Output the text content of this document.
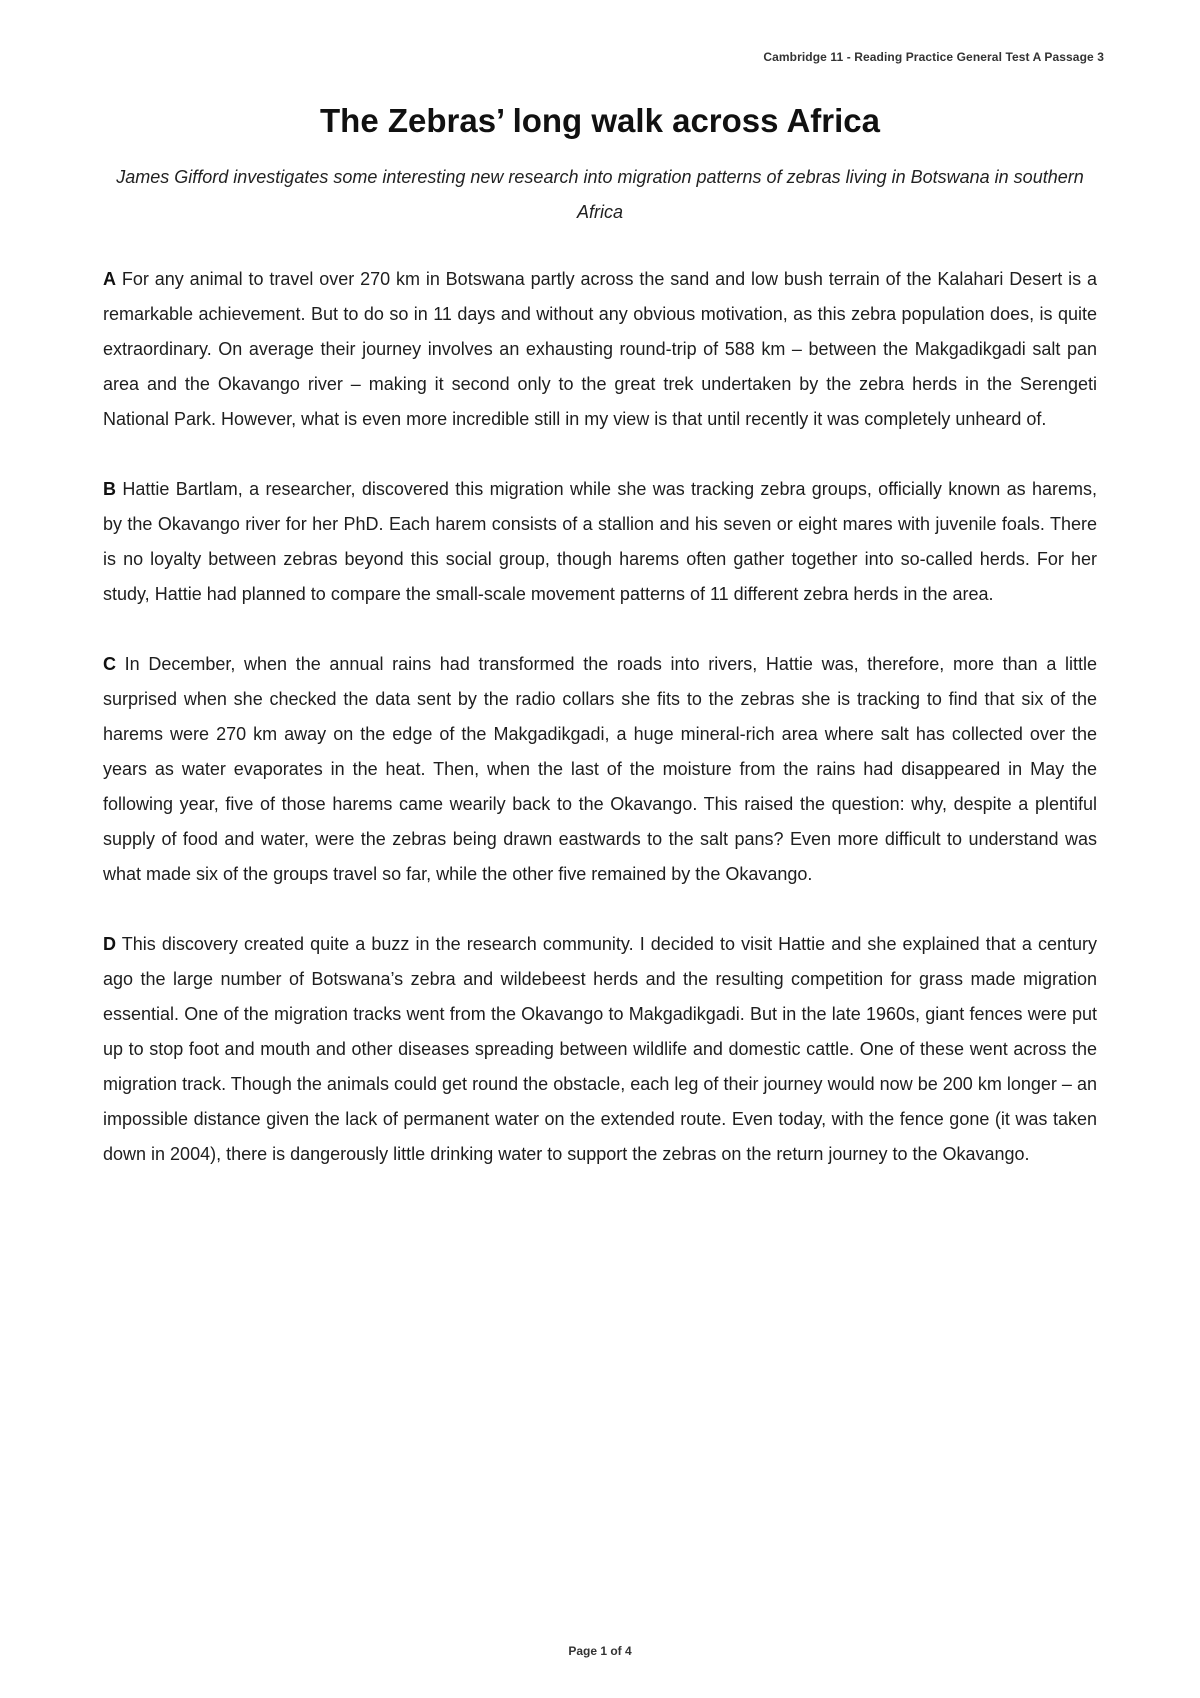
Cambridge 11 - Reading Practice General Test A Passage 3
The Zebras’ long walk across Africa

James Gifford investigates some interesting new research into migration patterns of zebras living in Botswana in southern Africa

A For any animal to travel over 270 km in Botswana partly across the sand and low bush terrain of the Kalahari Desert is a remarkable achievement. But to do so in 11 days and without any obvious motivation, as this zebra population does, is quite extraordinary. On average their journey involves an exhausting round-trip of 588 km – between the Makgadikgadi salt pan area and the Okavango river – making it second only to the great trek undertaken by the zebra herds in the Serengeti National Park. However, what is even more incredible still in my view is that until recently it was completely unheard of.

B Hattie Bartlam, a researcher, discovered this migration while she was tracking zebra groups, officially known as harems, by the Okavango river for her PhD. Each harem consists of a stallion and his seven or eight mares with juvenile foals. There is no loyalty between zebras beyond this social group, though harems often gather together into so-called herds. For her study, Hattie had planned to compare the small-scale movement patterns of 11 different zebra herds in the area.

C In December, when the annual rains had transformed the roads into rivers, Hattie was, therefore, more than a little surprised when she checked the data sent by the radio collars she fits to the zebras she is tracking to find that six of the harems were 270 km away on the edge of the Makgadikgadi, a huge mineral-rich area where salt has collected over the years as water evaporates in the heat. Then, when the last of the moisture from the rains had disappeared in May the following year, five of those harems came wearily back to the Okavango. This raised the question: why, despite a plentiful supply of food and water, were the zebras being drawn eastwards to the salt pans? Even more difficult to understand was what made six of the groups travel so far, while the other five remained by the Okavango.

D This discovery created quite a buzz in the research community. I decided to visit Hattie and she explained that a century ago the large number of Botswana’s zebra and wildebeest herds and the resulting competition for grass made migration essential. One of the migration tracks went from the Okavango to Makgadikgadi. But in the late 1960s, giant fences were put up to stop foot and mouth and other diseases spreading between wildlife and domestic cattle. One of these went across the migration track. Though the animals could get round the obstacle, each leg of their journey would now be 200 km longer – an impossible distance given the lack of permanent water on the extended route. Even today, with the fence gone (it was taken down in 2004), there is dangerously little drinking water to support the zebras on the return journey to the Okavango.

Page 1 of 4
